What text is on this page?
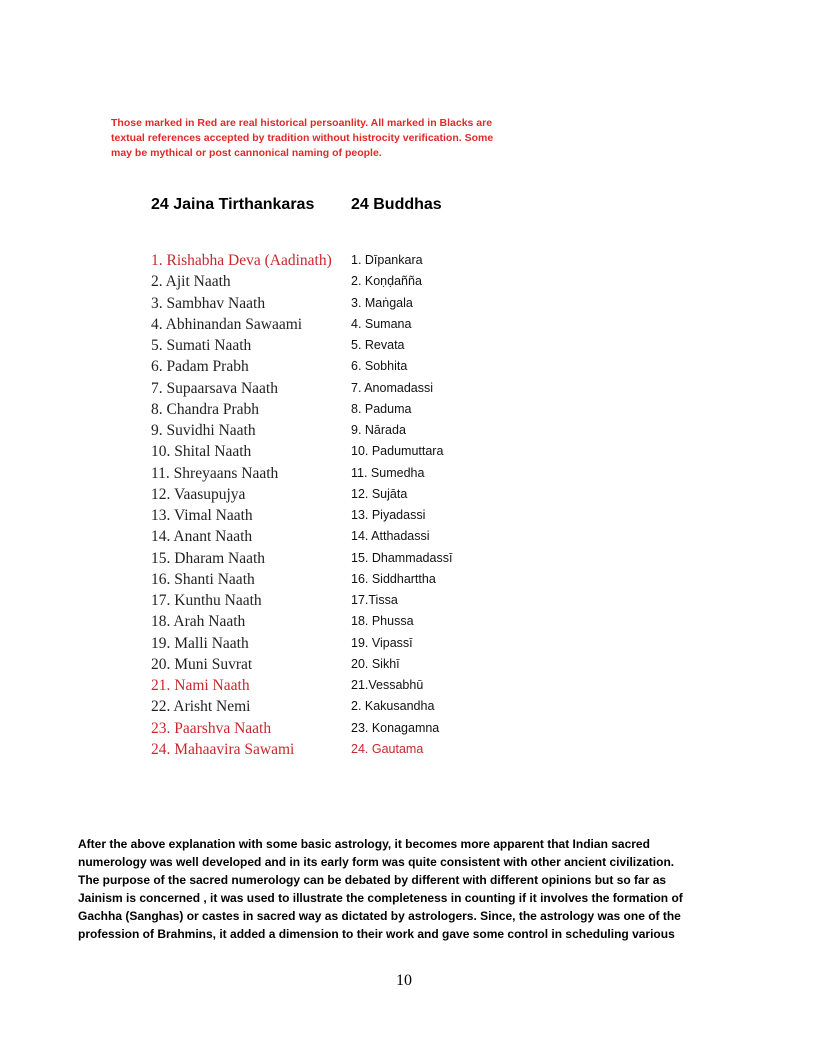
Those marked in Red are real historical persoanlity. All marked in Blacks are
textual references accepted by tradition without histrocity verification. Some
may be mythical or post cannonical naming of people.
24 Jaina Tirthankaras 24 Buddhas
1. Rishabha Deva (Aadinath)
2. Ajit Naath
3. Sambhav Naath
4. Abhinandan Sawaami
5. Sumati Naath
6. Padam Prabh
7. Supaarsava Naath
8. Chandra Prabh
9. Suvidhi Naath
10. Shital Naath
11. Shreyaans Naath
12. Vaasupujya
13. Vimal Naath
14. Anant Naath
15. Dharam Naath
16. Shanti Naath
17. Kunthu Naath
18. Arah Naath
19. Malli Naath
20. Muni Suvrat
21. Nami Naath
22. Arisht Nemi
23. Paarshva Naath
24. Mahaavira Sawami
1. Dīpankara
2. Koṇḍañña
3. Maṅgala
4. Sumana
5. Revata
6. Sobhita
7. Anomadassi
8. Paduma
9. Nārada
10. Padumuttara
11. Sumedha
12. Sujāta
13. Piyadassi
14. Atthadassi
15. Dhammadassī
16. Siddharttha
17.Tissa
18. Phussa
19. Vipassī
20. Sikhī
21.Vessabhū
2. Kakusandha
23. Konagamna
24. Gautama
After the above explanation with some basic astrology, it becomes more apparent that Indian sacred
numerology was well developed and in its early form was quite consistent with other ancient civilization.
The purpose of the sacred numerology can be debated by different with different opinions but so far as
Jainism is concerned , it was used to illustrate the completeness in counting if it involves the formation of
Gachha (Sanghas) or castes in sacred way as dictated by astrologers. Since, the astrology was one of the
profession of Brahmins, it added a dimension to their work and gave some control in scheduling various
10
